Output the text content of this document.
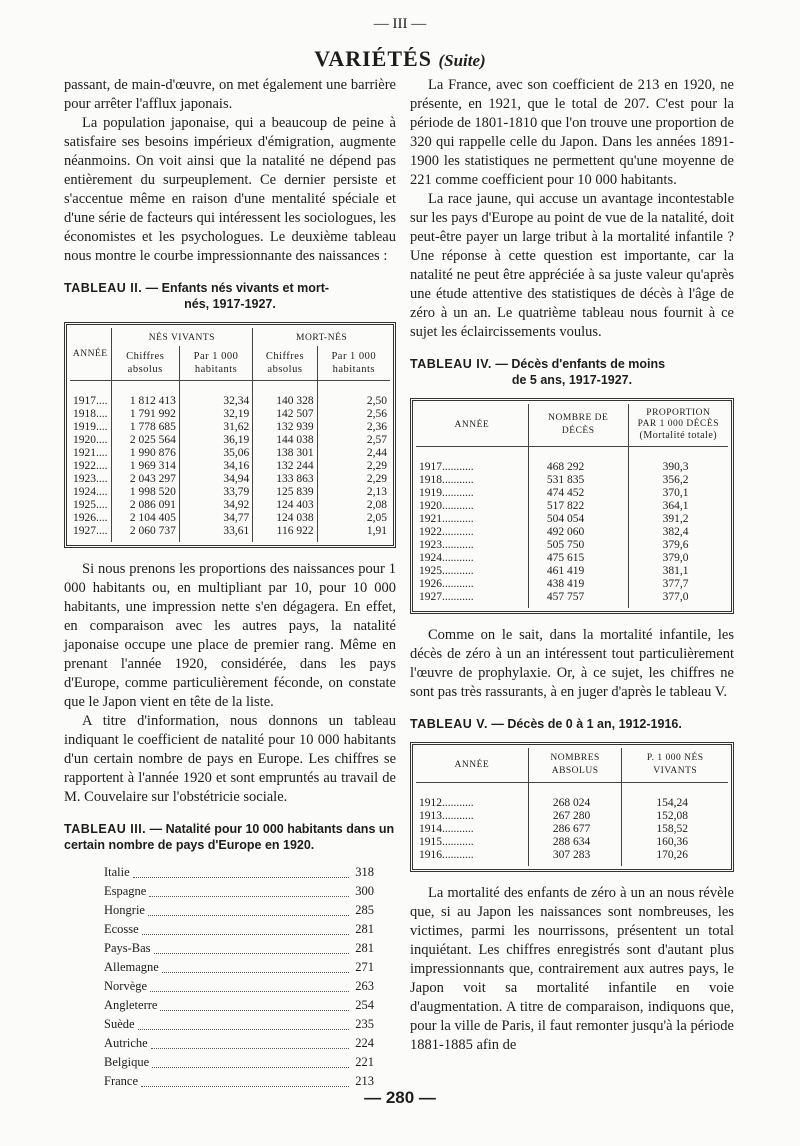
— III —
VARIÉTÉS (Suite)

passant, de main-d'œuvre, on met également une barrière pour arrêter l'afflux japonais.

La population japonaise, qui a beaucoup de peine à satisfaire ses besoins impérieux d'émigration, augmente néanmoins. On voit ainsi que la natalité ne dépend pas entièrement du surpeuplement. Ce dernier persiste et s'accentue même en raison d'une mentalité spéciale et d'une série de facteurs qui intéressent les sociologues, les économistes et les psychologues. Le deuxième tableau nous montre le courbe impressionnante des naissances :

TABLEAU II. — Enfants nés vivants et mort-
nés, 1917-1927.
ANNÉE	NÉS VIVANTS		MORT-NÉS	
	Chiffres absolus	Par 1 000 habitants	Chiffres absolus	Par 1 000 habitants

1917....	1 812 413	32,34	140 328	2,50
1918....	1 791 992	32,19	142 507	2,56
1919....	1 778 685	31,62	132 939	2,36
1920....	2 025 564	36,19	144 038	2,57
1921....	1 990 876	35,06	138 301	2,44
1922....	1 969 314	34,16	132 244	2,29
1923....	2 043 297	34,94	133 863	2,29
1924....	1 998 520	33,79	125 839	2,13
1925....	2 086 091	34,92	124 403	2,08
1926....	2 104 405	34,77	124 038	2,05
1927....	2 060 737	33,61	116 922	1,91

Si nous prenons les proportions des naissances pour 1 000 habitants ou, en multipliant par 10, pour 10 000 habitants, une impression nette s'en dégagera. En effet, en comparaison avec les autres pays, la natalité japonaise occupe une place de premier rang. Même en prenant l'année 1920, considérée, dans les pays d'Europe, comme particulièrement féconde, on constate que le Japon vient en tête de la liste.

A titre d'information, nous donnons un tableau indiquant le coefficient de natalité pour 10 000 habitants d'un certain nombre de pays en Europe. Les chiffres se rapportent à l'année 1920 et sont empruntés au travail de M. Couvelaire sur l'obstétricie sociale.

TABLEAU III. — Natalité pour 10 000 habitants dans un certain nombre de pays d'Europe en 1920.
Italie	318
Espagne	300
Hongrie	285
Ecosse	281
Pays-Bas	281
Allemagne	271
Norvège	263
Angleterre	254
Suède	235
Autriche	224
Belgique	221
France	213

La France, avec son coefficient de 213 en 1920, ne présente, en 1921, que le total de 207. C'est pour la période de 1801-1810 que l'on trouve une proportion de 320 qui rappelle celle du Japon. Dans les années 1891-1900 les statistiques ne permettent qu'une moyenne de 221 comme coefficient pour 10 000 habitants.

La race jaune, qui accuse un avantage incontestable sur les pays d'Europe au point de vue de la natalité, doit peut-être payer un large tribut à la mortalité infantile ? Une réponse à cette question est importante, car la natalité ne peut être appréciée à sa juste valeur qu'après une étude attentive des statistiques de décès à l'âge de zéro à un an. Le quatrième tableau nous fournit à ce sujet les éclaircissements voulus.

TABLEAU IV. — Décès d'enfants de moins
de 5 ans, 1917-1927.
ANNÉE	NOMBRE DE DÉCÈS	PROPORTION
PAR 1 000 DÉCÈS
(Mortalité totale)

1917...........	468 292	390,3
1918...........	531 835	356,2
1919...........	474 452	370,1
1920...........	517 822	364,1
1921...........	504 054	391,2
1922...........	492 060	382,4
1923...........	505 750	379,6
1924...........	475 615	379,0
1925...........	461 419	381,1
1926...........	438 419	377,7
1927...........	457 757	377,0

Comme on le sait, dans la mortalité infantile, les décès de zéro à un an intéressent tout particulièrement l'œuvre de prophylaxie. Or, à ce sujet, les chiffres ne sont pas très rassurants, à en juger d'après le tableau V.

TABLEAU V. — Décès de 0 à 1 an, 1912-1916.
ANNÉE	NOMBRES ABSOLUS	P. 1 000 NÉS VIVANTS

1912...........	268 024	154,24
1913...........	267 280	152,08
1914...........	286 677	158,52
1915...........	288 634	160,36
1916...........	307 283	170,26

La mortalité des enfants de zéro à un an nous révèle que, si au Japon les naissances sont nombreuses, les victimes, parmi les nourrissons, présentent un total inquiétant. Les chiffres enregistrés sont d'autant plus impressionnants que, contrairement aux autres pays, le Japon voit sa mortalité infantile en voie d'augmentation. A titre de comparaison, indiquons que, pour la ville de Paris, il faut remonter jusqu'à la période 1881-1885 afin de

— 280 —
